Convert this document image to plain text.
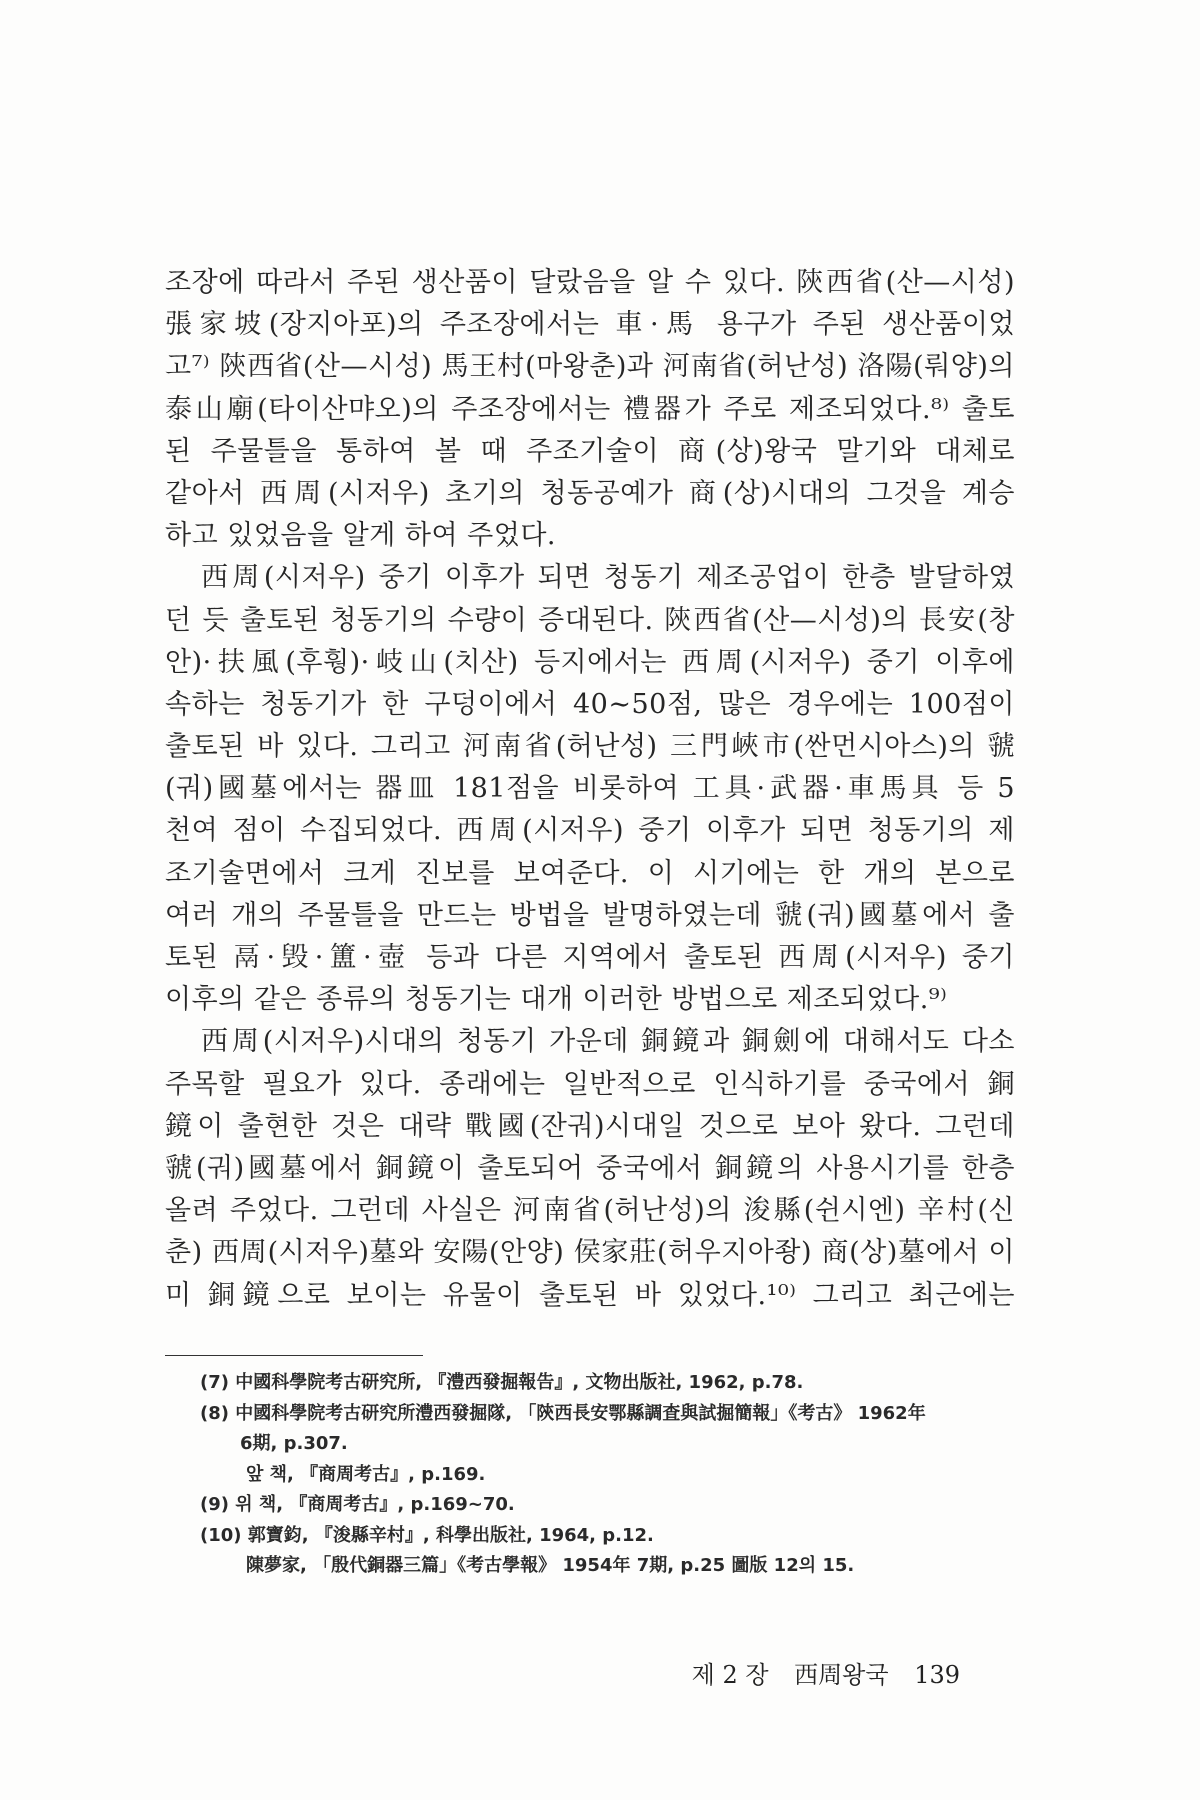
조장에 따라서 주된 생산품이 달랐음을 알 수 있다. 陝西省(산—시성)
張家坡(장지아포)의 주조장에서는 車·馬 용구가 주된 생산품이었
고⁷⁾ 陝西省(산—시성) 馬王村(마왕춘)과 河南省(허난성) 洛陽(뤄양)의
泰山廟(타이산먀오)의 주조장에서는 禮器가 주로 제조되었다.⁸⁾ 출토
된 주물틀을 통하여 볼 때 주조기술이 商(상)왕국 말기와 대체로
같아서 西周(시저우) 초기의 청동공예가 商(상)시대의 그것을 계승
하고 있었음을 알게 하여 주었다.
西周(시저우) 중기 이후가 되면 청동기 제조공업이 한층 발달하였
던 듯 출토된 청동기의 수량이 증대된다. 陝西省(산—시성)의 長安(창
안)·扶風(후훵)·岐山(치산) 등지에서는 西周(시저우) 중기 이후에
속하는 청동기가 한 구덩이에서 40∼50점, 많은 경우에는 100점이
출토된 바 있다. 그리고 河南省(허난성) 三門峽市(싼먼시아스)의 虢
(궈)國墓에서는 器皿 181점을 비롯하여 工具·武器·車馬具 등 5
천여 점이 수집되었다. 西周(시저우) 중기 이후가 되면 청동기의 제
조기술면에서 크게 진보를 보여준다. 이 시기에는 한 개의 본으로
여러 개의 주물틀을 만드는 방법을 발명하였는데 虢(궈)國墓에서 출
토된 鬲·毁·簠·壺 등과 다른 지역에서 출토된 西周(시저우) 중기
이후의 같은 종류의 청동기는 대개 이러한 방법으로 제조되었다.⁹⁾
西周(시저우)시대의 청동기 가운데 銅鏡과 銅劍에 대해서도 다소
주목할 필요가 있다. 종래에는 일반적으로 인식하기를 중국에서 銅
鏡이 출현한 것은 대략 戰國(잔궈)시대일 것으로 보아 왔다. 그런데
虢(궈)國墓에서 銅鏡이 출토되어 중국에서 銅鏡의 사용시기를 한층
올려 주었다. 그런데 사실은 河南省(허난성)의 浚縣(쉰시엔) 辛村(신
춘) 西周(시저우)墓와 安陽(안양) 侯家莊(허우지아좡) 商(상)墓에서 이
미 銅鏡으로 보이는 유물이 출토된 바 있었다.¹⁰⁾ 그리고 최근에는
(7) 中國科學院考古研究所, 『澧西發掘報告』, 文物出版社, 1962, p.78.
(8) 中國科學院考古研究所澧西發掘隊, 「陝西長安鄂縣調査與試掘簡報」《考古》 1962年
6期, p.307.
앞 책, 『商周考古』, p.169.
(9) 위 책, 『商周考古』, p.169∼70.
(10) 郭寶鈞, 『浚縣辛村』, 科學出版社, 1964, p.12.
陳夢家, 「殷代銅器三篇」《考古學報》 1954年 7期, p.25 圖版 12의 15.
제 2 장 西周왕국 139
